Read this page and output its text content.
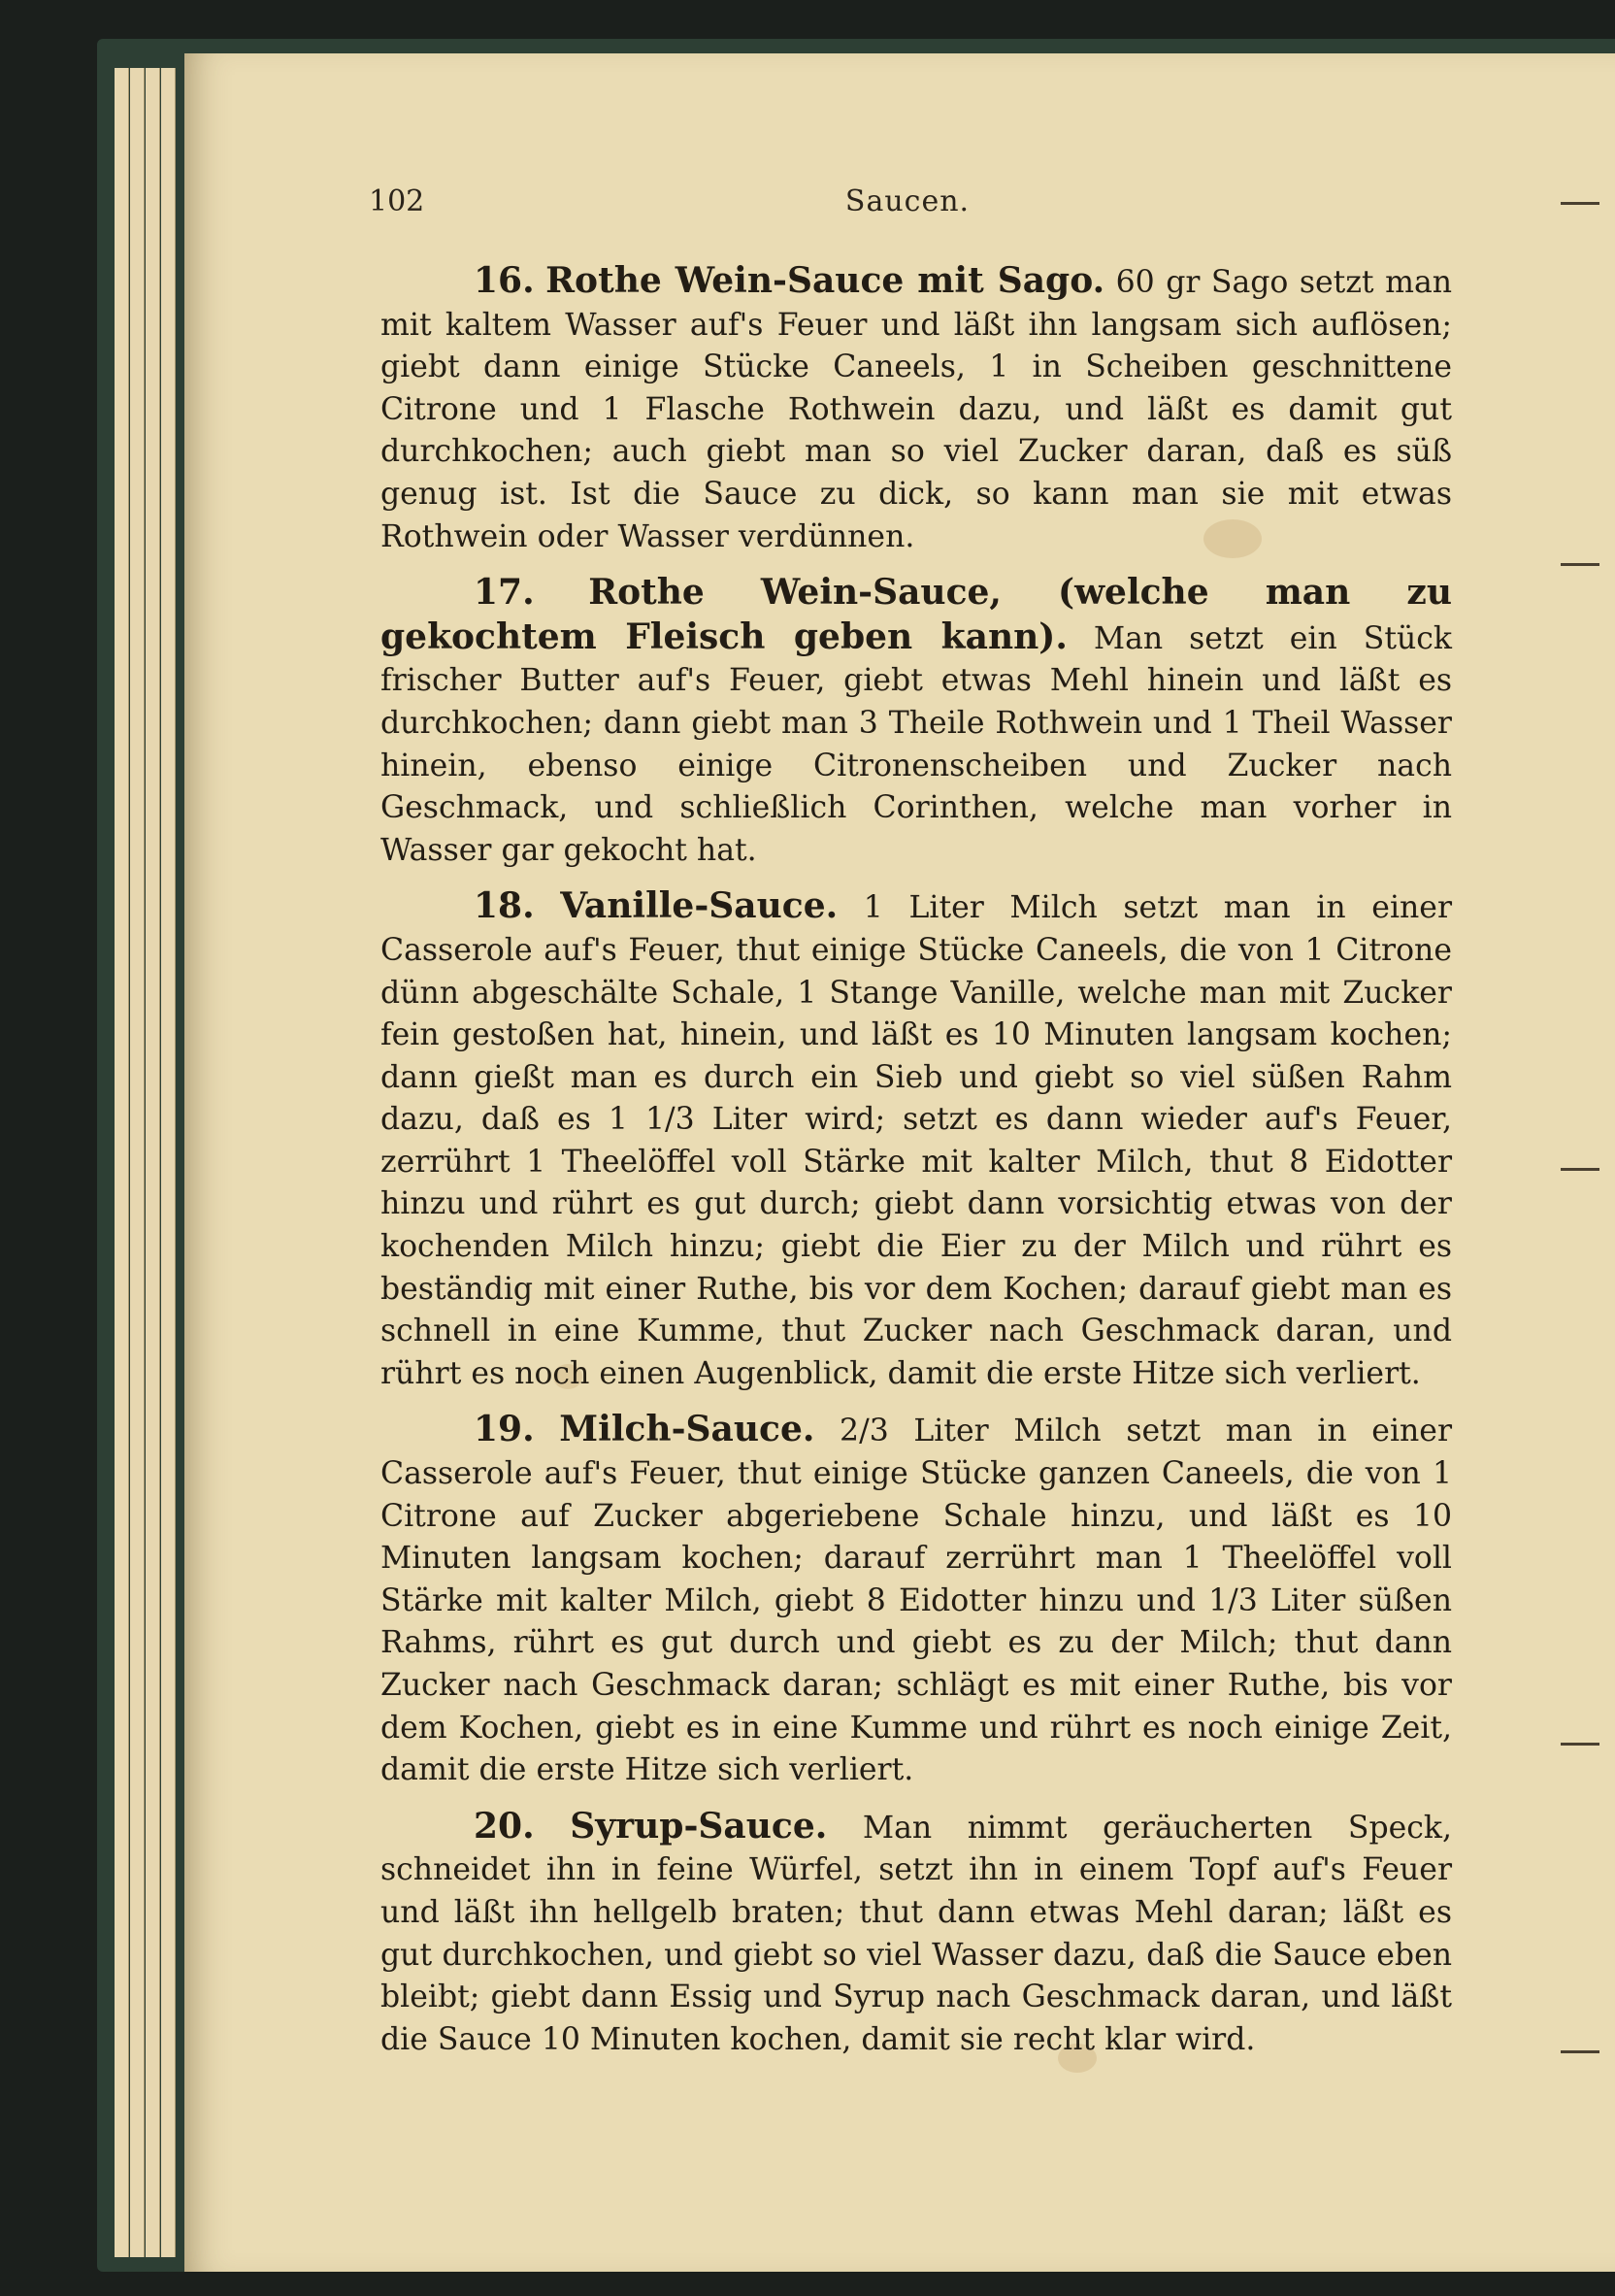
102	Saucen.

16. Rothe Wein-Sauce mit Sago. 60 gr Sago setzt man mit kaltem Wasser auf's Feuer und läßt ihn langsam sich auflösen; giebt dann einige Stücke Caneels, 1 in Scheiben geschnittene Citrone und 1 Flasche Rothwein dazu, und läßt es damit gut durchkochen; auch giebt man so viel Zucker daran, daß es süß genug ist. Ist die Sauce zu dick, so kann man sie mit etwas Rothwein oder Wasser verdünnen.

17. Rothe Wein-Sauce, (welche man zu gekochtem Fleisch geben kann). Man setzt ein Stück frischer Butter auf's Feuer, giebt etwas Mehl hinein und läßt es durchkochen; dann giebt man 3 Theile Rothwein und 1 Theil Wasser hinein, ebenso einige Citronenscheiben und Zucker nach Geschmack, und schließlich Corinthen, welche man vorher in Wasser gar gekocht hat.

18. Vanille-Sauce. 1 Liter Milch setzt man in einer Casserole auf's Feuer, thut einige Stücke Caneels, die von 1 Citrone dünn abgeschälte Schale, 1 Stange Vanille, welche man mit Zucker fein gestoßen hat, hinein, und läßt es 10 Minuten langsam kochen; dann gießt man es durch ein Sieb und giebt so viel süßen Rahm dazu, daß es 1 1/3 Liter wird; setzt es dann wieder auf's Feuer, zerrührt 1 Theelöffel voll Stärke mit kalter Milch, thut 8 Eidotter hinzu und rührt es gut durch; giebt dann vorsichtig etwas von der kochenden Milch hinzu; giebt die Eier zu der Milch und rührt es beständig mit einer Ruthe, bis vor dem Kochen; darauf giebt man es schnell in eine Kumme, thut Zucker nach Geschmack daran, und rührt es noch einen Augenblick, damit die erste Hitze sich verliert.

19. Milch-Sauce. 2/3 Liter Milch setzt man in einer Casserole auf's Feuer, thut einige Stücke ganzen Caneels, die von 1 Citrone auf Zucker abgeriebene Schale hinzu, und läßt es 10 Minuten langsam kochen; darauf zerrührt man 1 Theelöffel voll Stärke mit kalter Milch, giebt 8 Eidotter hinzu und 1/3 Liter süßen Rahms, rührt es gut durch und giebt es zu der Milch; thut dann Zucker nach Geschmack daran; schlägt es mit einer Ruthe, bis vor dem Kochen, giebt es in eine Kumme und rührt es noch einige Zeit, damit die erste Hitze sich verliert.

20. Syrup-Sauce. Man nimmt geräucherten Speck, schneidet ihn in feine Würfel, setzt ihn in einem Topf auf's Feuer und läßt ihn hellgelb braten; thut dann etwas Mehl daran; läßt es gut durchkochen, und giebt so viel Wasser dazu, daß die Sauce eben bleibt; giebt dann Essig und Syrup nach Geschmack daran, und läßt die Sauce 10 Minuten kochen, damit sie recht klar wird.
